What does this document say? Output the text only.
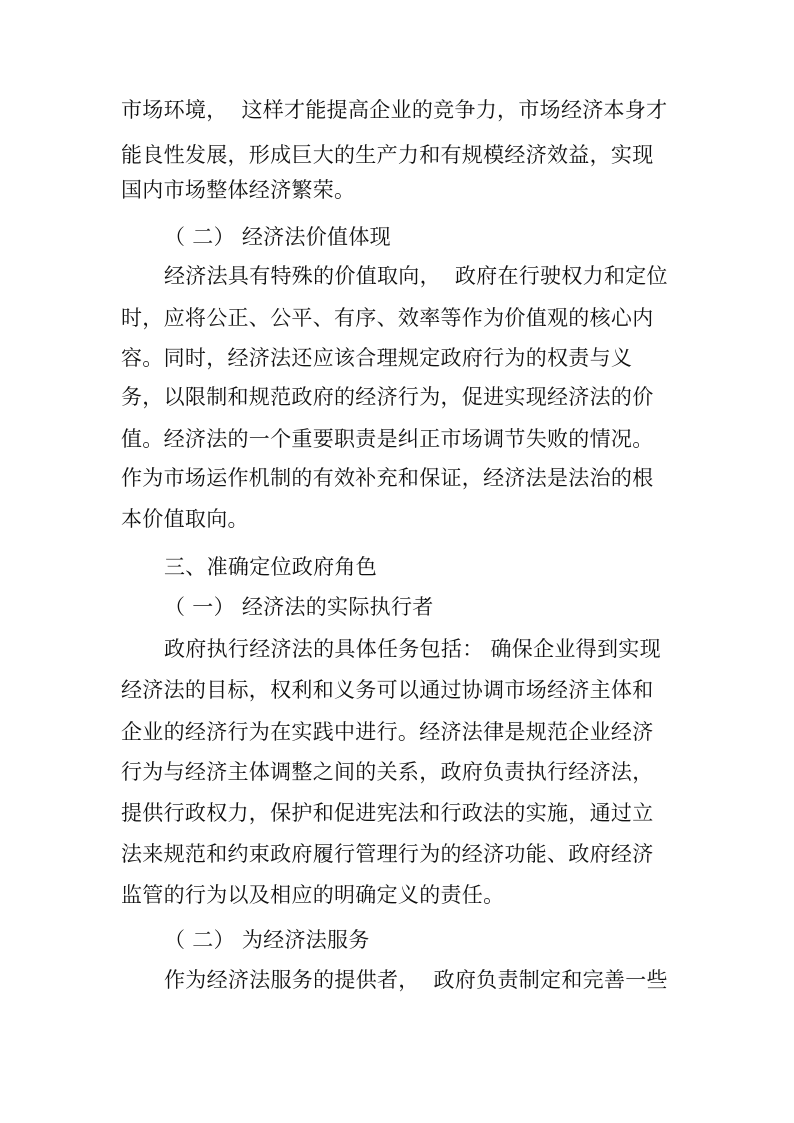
市场环境，  这样才能提高企业的竞争力，市场经济本身才
能良性发展，形成巨大的生产力和有规模经济效益，实现
国内市场整体经济繁荣。
（ 二） 经济法价值体现
经济法具有特殊的价值取向，  政府在行驶权力和定位
时，应将公正、公平、有序、效率等作为价值观的核心内
容。同时，经济法还应该合理规定政府行为的权责与义
务，以限制和规范政府的经济行为，促进实现经济法的价
值。经济法的一个重要职责是纠正市场调节失败的情况。
作为市场运作机制的有效补充和保证，经济法是法治的根
本价值取向。
三、准确定位政府角色
（ 一） 经济法的实际执行者
政府执行经济法的具体任务包括： 确保企业得到实现
经济法的目标，权利和义务可以通过协调市场经济主体和
企业的经济行为在实践中进行。经济法律是规范企业经济
行为与经济主体调整之间的关系，政府负责执行经济法，
提供行政权力，保护和促进宪法和行政法的实施，通过立
法来规范和约束政府履行管理行为的经济功能、政府经济
监管的行为以及相应的明确定义的责任。
（ 二） 为经济法服务
作为经济法服务的提供者，  政府负责制定和完善一些
